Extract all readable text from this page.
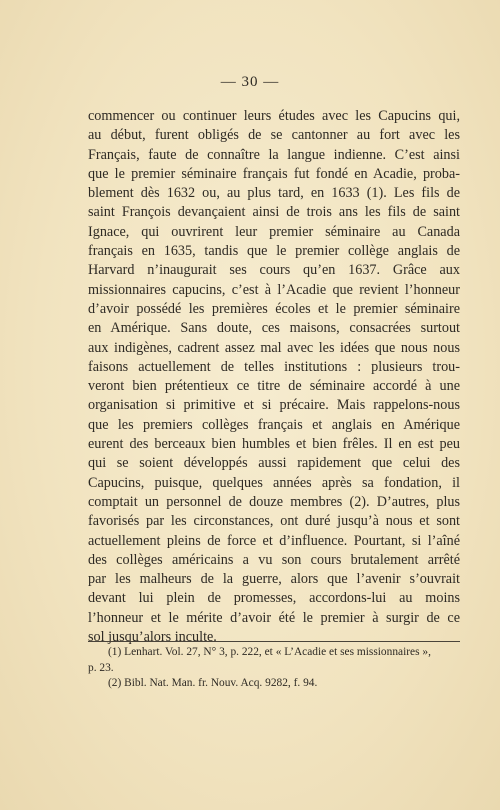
— 30 —
commencer ou continuer leurs études avec les Capucins qui,
au début, furent obligés de se cantonner au fort avec les
Français, faute de connaître la langue indienne. C’est ainsi
que le premier séminaire français fut fondé en Acadie, proba-
blement dès 1632 ou, au plus tard, en 1633 (1). Les fils de
saint François devançaient ainsi de trois ans les fils de saint
Ignace, qui ouvrirent leur premier séminaire au Canada
français en 1635, tandis que le premier collège anglais de
Harvard n’inaugurait ses cours qu’en 1637. Grâce aux
missionnaires capucins, c’est à l’Acadie que revient l’honneur
d’avoir possédé les premières écoles et le premier séminaire
en Amérique. Sans doute, ces maisons, consacrées surtout
aux indigènes, cadrent assez mal avec les idées que nous nous
faisons actuellement de telles institutions : plusieurs trou-
veront bien prétentieux ce titre de séminaire accordé à une
organisation si primitive et si précaire. Mais rappelons-nous
que les premiers collèges français et anglais en Amérique
eurent des berceaux bien humbles et bien frêles. Il en est peu
qui se soient développés aussi rapidement que celui des
Capucins, puisque, quelques années après sa fondation, il
comptait un personnel de douze membres (2). D’autres, plus
favorisés par les circonstances, ont duré jusqu’à nous et sont
actuellement pleins de force et d’influence. Pourtant, si l’aîné
des collèges américains a vu son cours brutalement arrêté
par les malheurs de la guerre, alors que l’avenir s’ouvrait
devant lui plein de promesses, accordons-lui au moins
l’honneur et le mérite d’avoir été le premier à surgir de ce
sol jusqu’alors inculte.
(1) Lenhart. Vol. 27, N° 3, p. 222, et « L’Acadie et ses missionnaires »,
p. 23.
(2) Bibl. Nat. Man. fr. Nouv. Acq. 9282, f. 94.
